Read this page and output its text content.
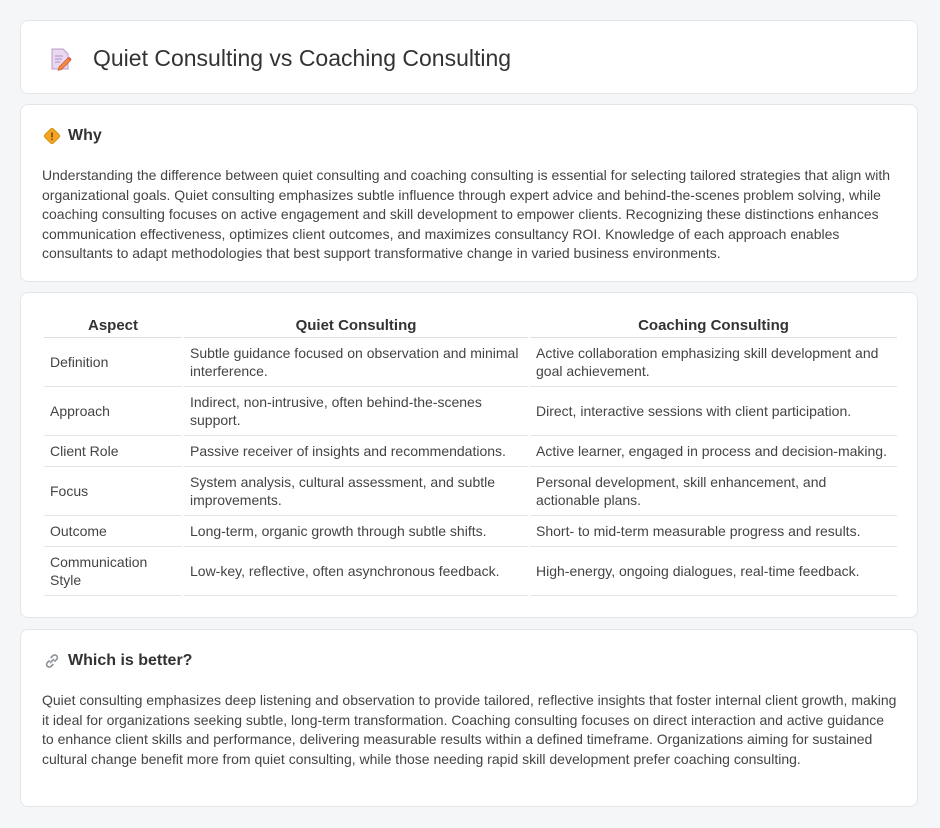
Quiet Consulting vs Coaching Consulting
Why

Understanding the difference between quiet consulting and coaching consulting is essential for selecting tailored strategies that align with organizational goals. Quiet consulting emphasizes subtle influence through expert advice and behind-the-scenes problem solving, while coaching consulting focuses on active engagement and skill development to empower clients. Recognizing these distinctions enhances communication effectiveness, optimizes client outcomes, and maximizes consultancy ROI. Knowledge of each approach enables consultants to adapt methodologies that best support transformative change in varied business environments.

Aspect	Quiet Consulting	Coaching Consulting
Definition	Subtle guidance focused on observation and minimal interference.	Active collaboration emphasizing skill development and goal achievement.
Approach	Indirect, non-intrusive, often behind-the-scenes support.	Direct, interactive sessions with client participation.
Client Role	Passive receiver of insights and recommendations.	Active learner, engaged in process and decision-making.
Focus	System analysis, cultural assessment, and subtle improvements.	Personal development, skill enhancement, and actionable plans.
Outcome	Long-term, organic growth through subtle shifts.	Short- to mid-term measurable progress and results.
Communication Style	Low-key, reflective, often asynchronous feedback.	High-energy, ongoing dialogues, real-time feedback.
Which is better?

Quiet consulting emphasizes deep listening and observation to provide tailored, reflective insights that foster internal client growth, making it ideal for organizations seeking subtle, long-term transformation. Coaching consulting focuses on direct interaction and active guidance to enhance client skills and performance, delivering measurable results within a defined timeframe. Organizations aiming for sustained cultural change benefit more from quiet consulting, while those needing rapid skill development prefer coaching consulting.
